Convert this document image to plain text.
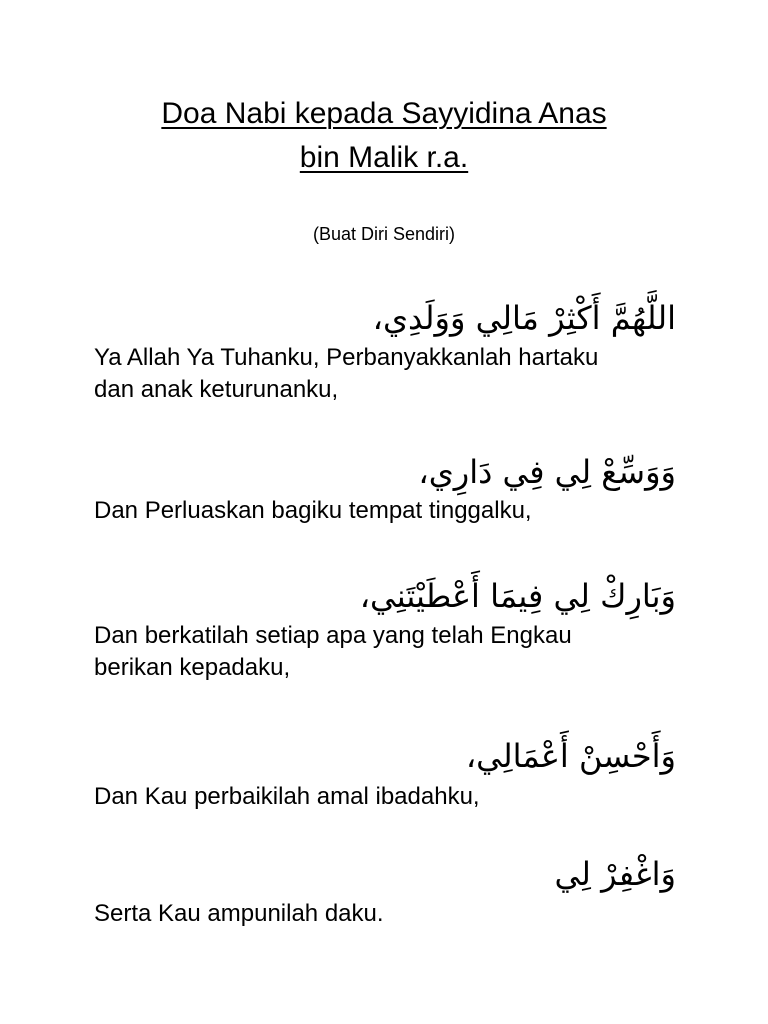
Doa Nabi kepada Sayyidina Anas
bin Malik r.a.
(Buat Diri Sendiri)
اللَّهُمَّ أَكْثِرْ مَالِي وَوَلَدِي،
Ya Allah Ya Tuhanku, Perbanyakkanlah hartaku
dan anak keturunanku,
وَوَسِّعْ لِي فِي دَارِي،
Dan Perluaskan bagiku tempat tinggalku,
وَبَارِكْ لِي فِيمَا أَعْطَيْتَنِي،
Dan berkatilah setiap apa yang telah Engkau
berikan kepadaku,
وَأَحْسِنْ أَعْمَالِي،
Dan Kau perbaikilah amal ibadahku,
وَاغْفِرْ لِي
Serta Kau ampunilah daku.
